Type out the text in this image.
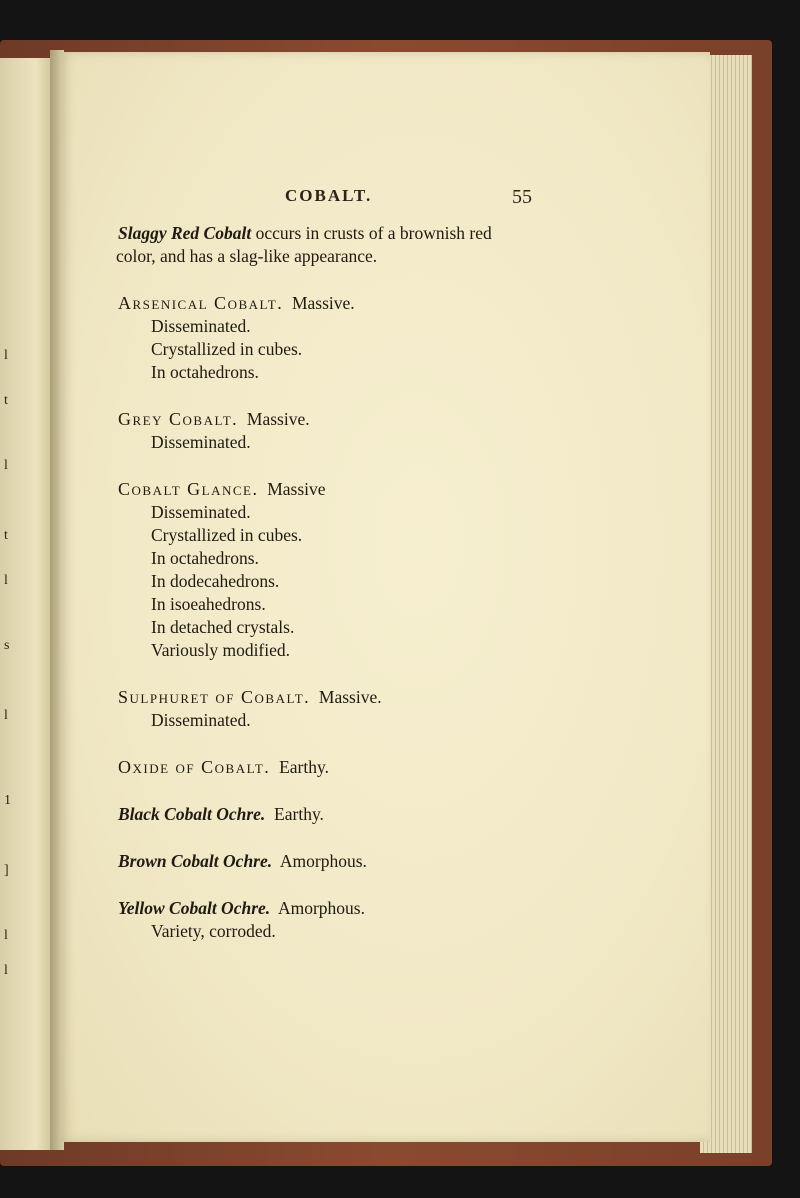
l
t
l
t
l
s
l
1
]
l
l
COBALT.	55

Slaggy Red Cobalt occurs in crusts of a brownish red

color, and has a slag-like appearance.

Arsenical Cobalt. Massive.

Disseminated.

Crystallized in cubes.

In octahedrons.

Grey Cobalt. Massive.

Disseminated.

Cobalt Glance. Massive

Disseminated.

Crystallized in cubes.

In octahedrons.

In dodecahedrons.

In isoeahedrons.

In detached crystals.

Variously modified.

Sulphuret of Cobalt. Massive.

Disseminated.

Oxide of Cobalt. Earthy.

Black Cobalt Ochre. Earthy.

Brown Cobalt Ochre. Amorphous.

Yellow Cobalt Ochre. Amorphous.

Variety, corroded.
